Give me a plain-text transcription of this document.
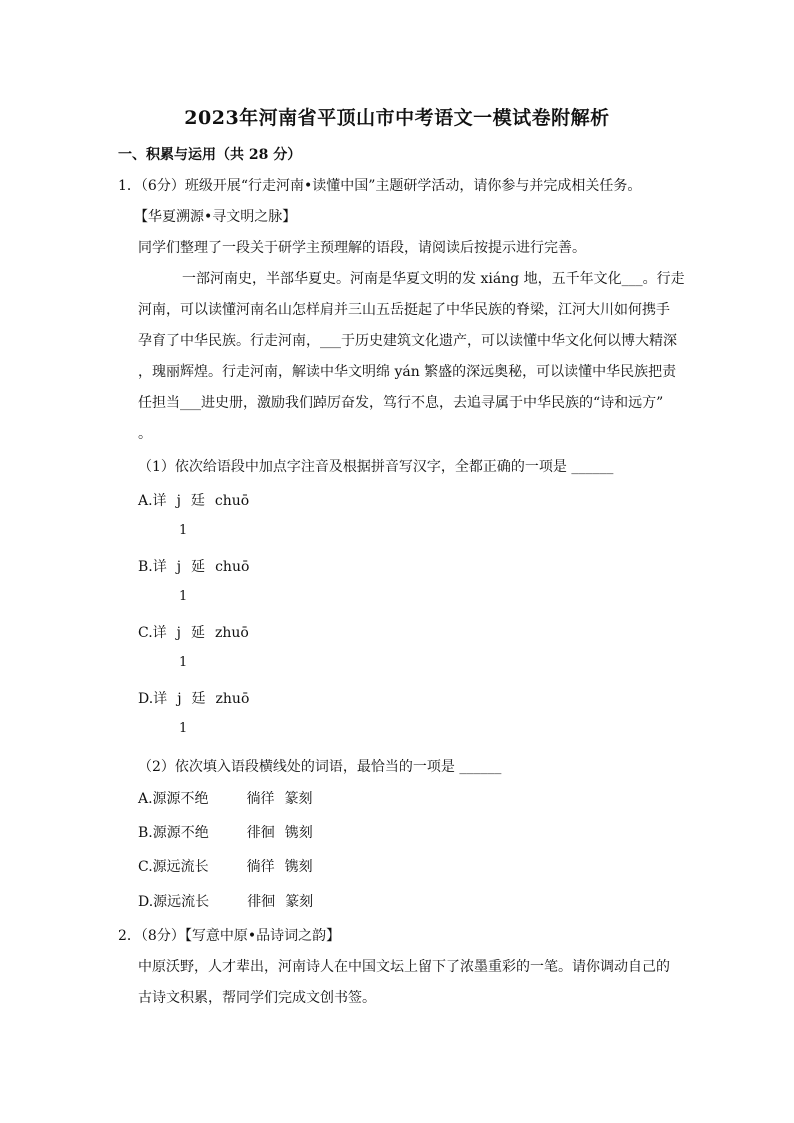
2023年河南省平顶山市中考语文一模试卷附解析
一、积累与运用（共 28 分）
1．（6分）班级开展“行走河南•读懂中国”主题研学活动，请你参与并完成相关任务。
【华夏溯源•寻文明之脉】
同学们整理了一段关于研学主预理解的语段，请阅读后按提示进行完善。
一部河南史，半部华夏史。河南是华夏文明的发 xiáng 地，五千年文化___。行走
河南，可以读懂河南名山怎样肩并三山五岳挺起了中华民族的脊梁，江河大川如何携手
孕育了中华民族。行走河南，___于历史建筑文化遗产，可以读懂中华文化何以博大精深
，瑰丽辉煌。行走河南，解读中华文明绵 yán 繁盛的深远奥秘，可以读懂中华民族把责
任担当___进史册，激励我们踔厉奋发，笃行不息，去追寻属于中华民族的“诗和远方”
。
（1）依次给语段中加点字注音及根据拼音写汉字，全都正确的一项是 ______
A.详 j 廷 chuō
1
B.详 j 延 chuō
1
C.详 j 延 zhuō
1
D.详 j 廷 zhuō
1
（2）依次填入语段横线处的词语，最恰当的一项是 ______
A.源源不绝	徜徉 篆刻
B.源源不绝	徘徊 镌刻
C.源远流长	徜徉 镌刻
D.源远流长	徘徊 篆刻
2．（8分）【写意中原•品诗词之韵】
中原沃野，人才辈出，河南诗人在中国文坛上留下了浓墨重彩的一笔。请你调动自己的
古诗文积累，帮同学们完成文创书签。
